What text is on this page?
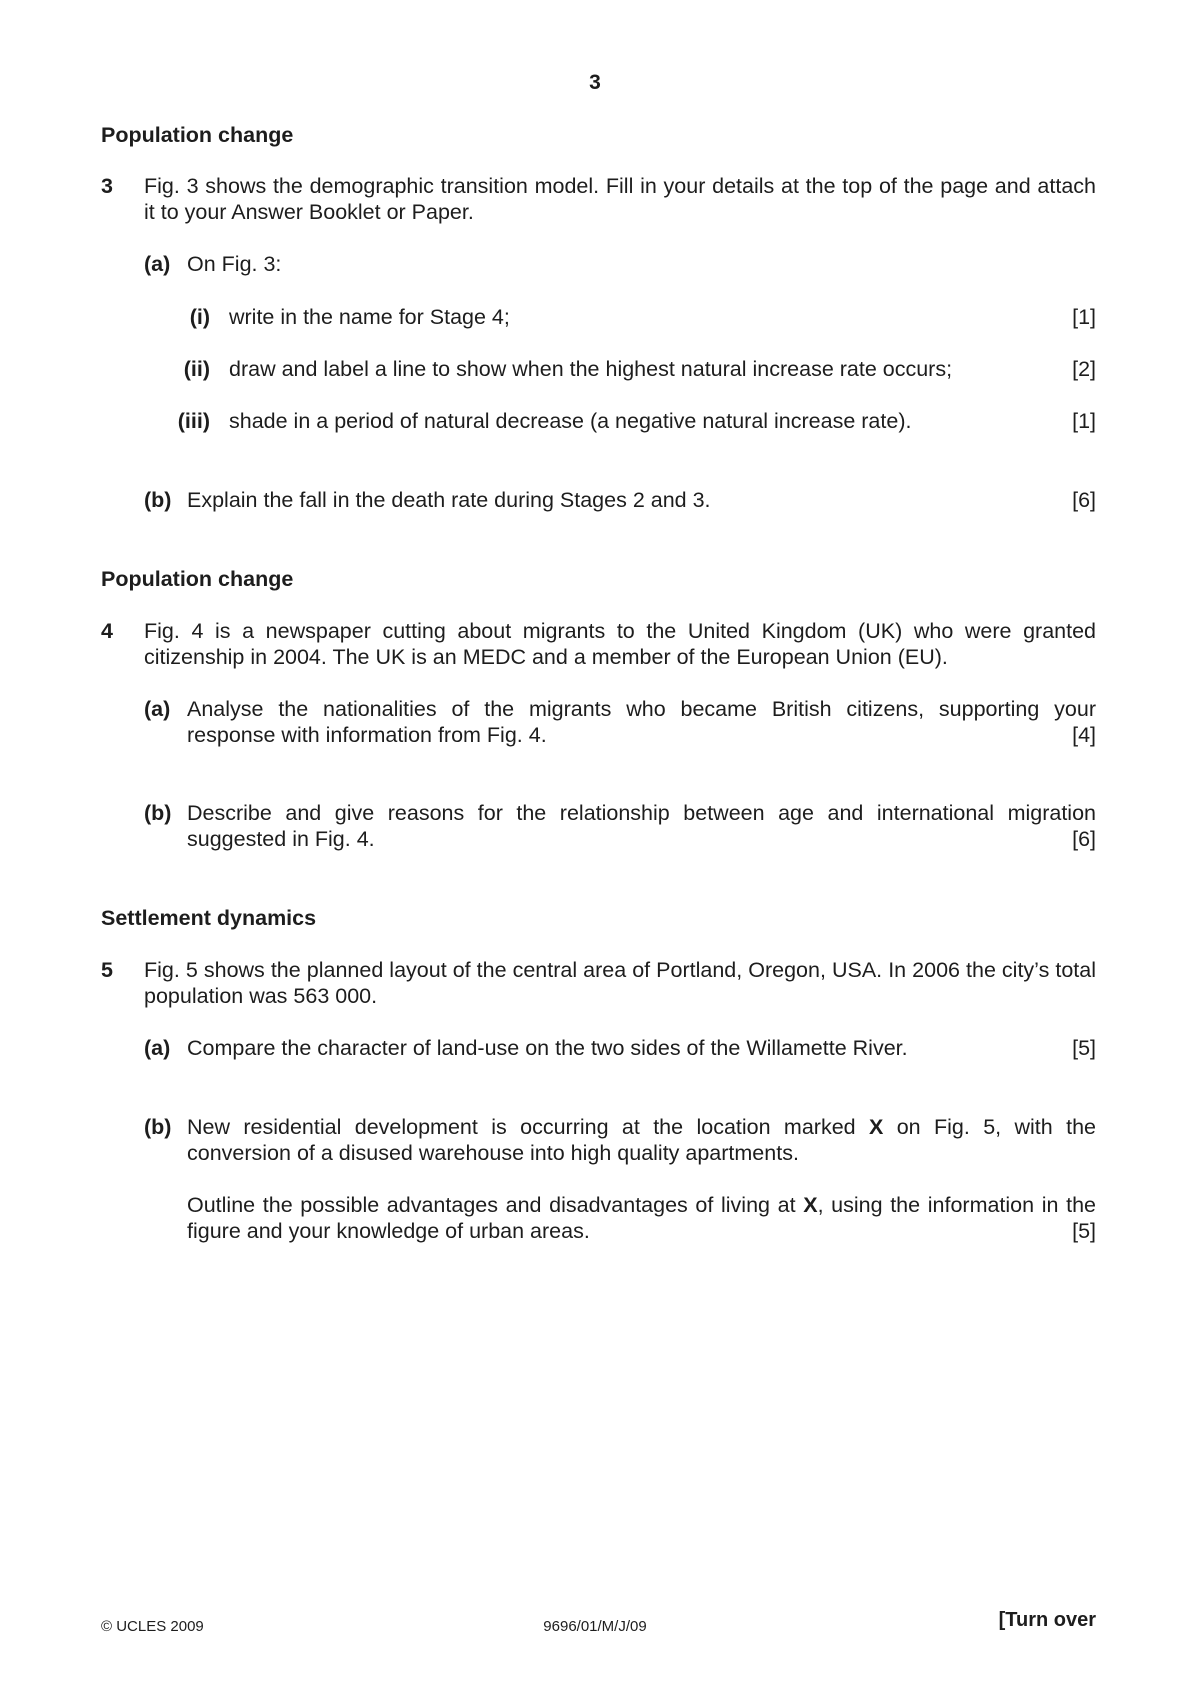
3
Population change
3 Fig. 3 shows the demographic transition model. Fill in your details at the top of the page and attach it to your Answer Booklet or Paper.
(a) On Fig. 3:
(i) write in the name for Stage 4;	[1]
(ii) draw and label a line to show when the highest natural increase rate occurs;	[2]
(iii) shade in a period of natural decrease (a negative natural increase rate).	[1]
(b) Explain the fall in the death rate during Stages 2 and 3.	[6]
Population change
4 Fig. 4 is a newspaper cutting about migrants to the United Kingdom (UK) who were granted citizenship in 2004. The UK is an MEDC and a member of the European Union (EU).
(a) Analyse the nationalities of the migrants who became British citizens, supporting your
response with information from Fig. 4.	[4]
(b) Describe and give reasons for the relationship between age and international migration
suggested in Fig. 4.	[6]
Settlement dynamics
5 Fig. 5 shows the planned layout of the central area of Portland, Oregon, USA. In 2006 the city’s total population was 563 000.
(a) Compare the character of land-use on the two sides of the Willamette River.	[5]
(b) New residential development is occurring at the location marked X on Fig. 5, with the conversion of a disused warehouse into high quality apartments.
Outline the possible advantages and disadvantages of living at X, using the information in the
figure and your knowledge of urban areas.	[5]
© UCLES 2009	9696/01/M/J/09	[Turn over
